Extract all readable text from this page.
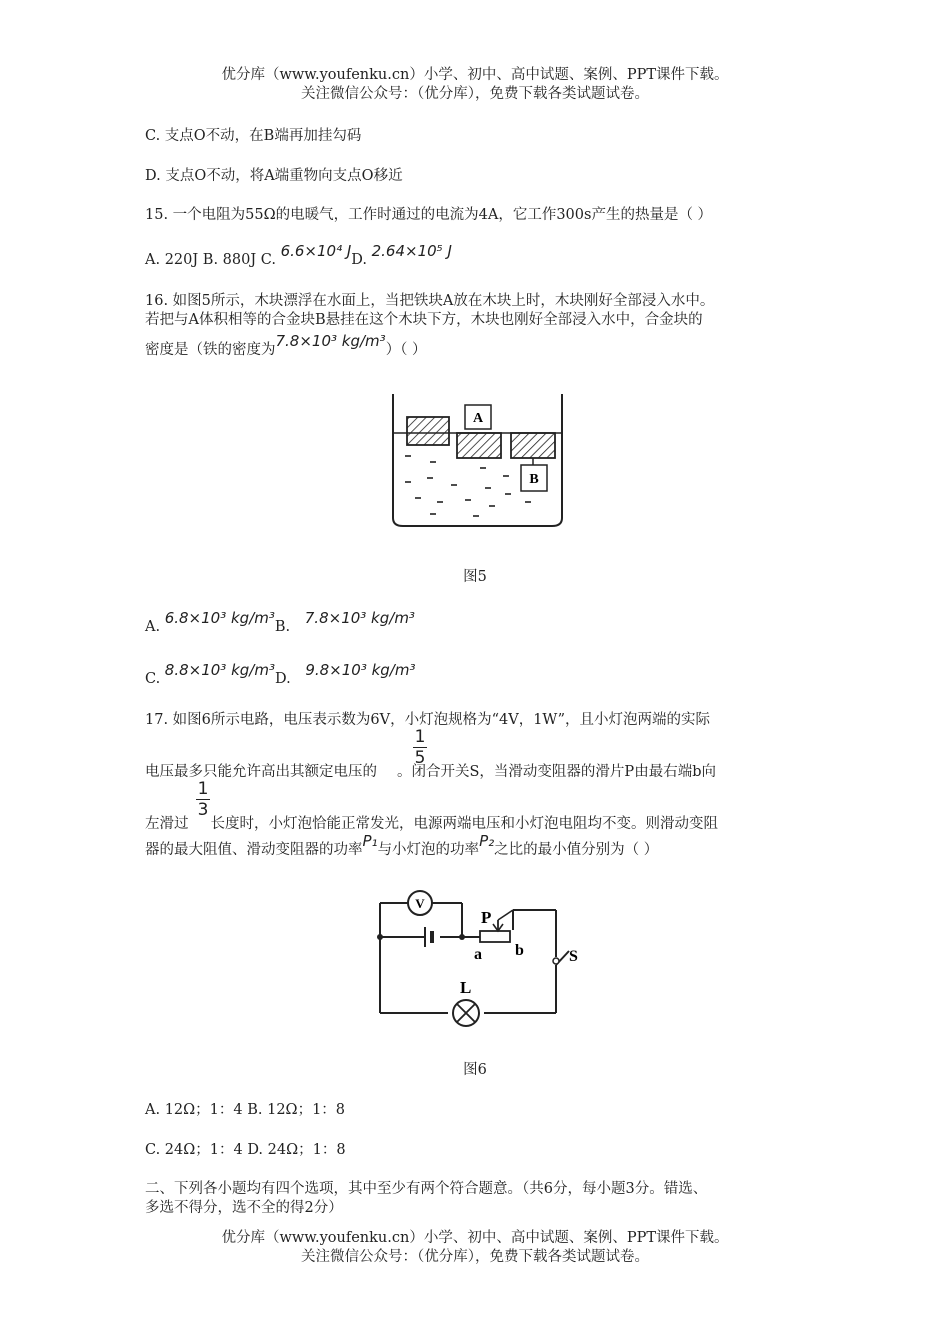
优分库（www.youfenku.cn）小学、初中、高中试题、案例、PPT课件下载。
关注微信公众号：（优分库），免费下载各类试题试卷。
C. 支点O不动，在B端再加挂勾码
D. 支点O不动，将A端重物向支点O移近
15. 一个电阻为55Ω的电暖气，工作时通过的电流为4A，它工作300s产生的热量是（ ）
A. 220J B. 880J C. 6.6×10⁴ JD. 2.64×10⁵ J
16. 如图5所示，木块漂浮在水面上，当把铁块A放在木块上时，木块刚好全部浸入水中。
若把与A体积相等的合金块B悬挂在这个木块下方，木块也刚好全部浸入水中，合金块的
密度是（铁的密度为7.8×10³ kg/m³）（ ）
A
B
图5
A. 6.8×10³ kg/m³B. 7.8×10³ kg/m³
C. 8.8×10³ kg/m³D. 9.8×10³ kg/m³
17. 如图6所示电路，电压表示数为6V，小灯泡规格为“4V，1W”，且小灯泡两端的实际
1
5
电压最多只能允许高出其额定电压的 。闭合开关S，当滑动变阻器的滑片P由最右端b向
1
3
左滑过 长度时，小灯泡恰能正常发光，电源两端电压和小灯泡电阻均不变。则滑动变阻
器的最大阻值、滑动变阻器的功率P₁与小灯泡的功率P₂之比的最小值分别为（ ）
V
P
a b	S
L
图6
A. 12Ω；1：4 B. 12Ω；1：8
C. 24Ω；1：4 D. 24Ω；1：8
二、下列各小题均有四个选项，其中至少有两个符合题意。（共6分，每小题3分。错选、
多选不得分，选不全的得2分）
优分库（www.youfenku.cn）小学、初中、高中试题、案例、PPT课件下载。
关注微信公众号：（优分库），免费下载各类试题试卷。
